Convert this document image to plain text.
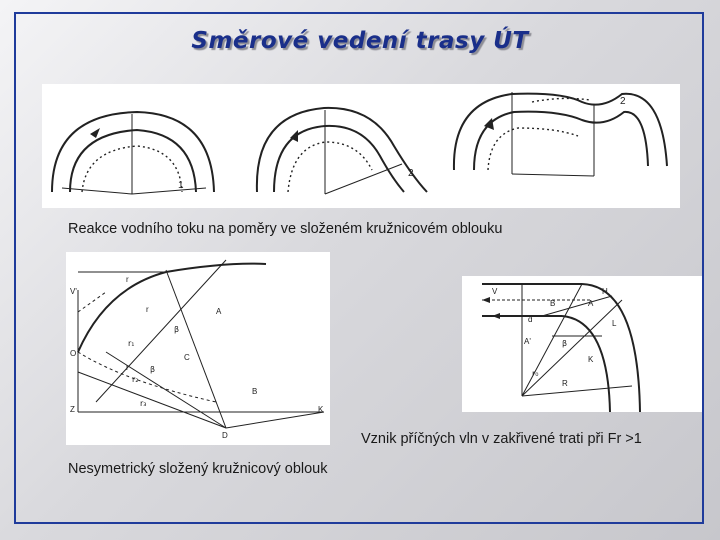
Směrové vedení trasy ÚT
1
2
2
Reakce vodního toku na poměry ve složeném kružnicovém oblouku
V'
r
r
r
O
Z	K
D
B
A
C
β
β
r₁
r₂
r₃
V
B	A
R
H
d
β
r₀
A'
L
K
Vznik příčných vln v zakřivené trati při Fr >1
Nesymetrický složený kružnicový oblouk
